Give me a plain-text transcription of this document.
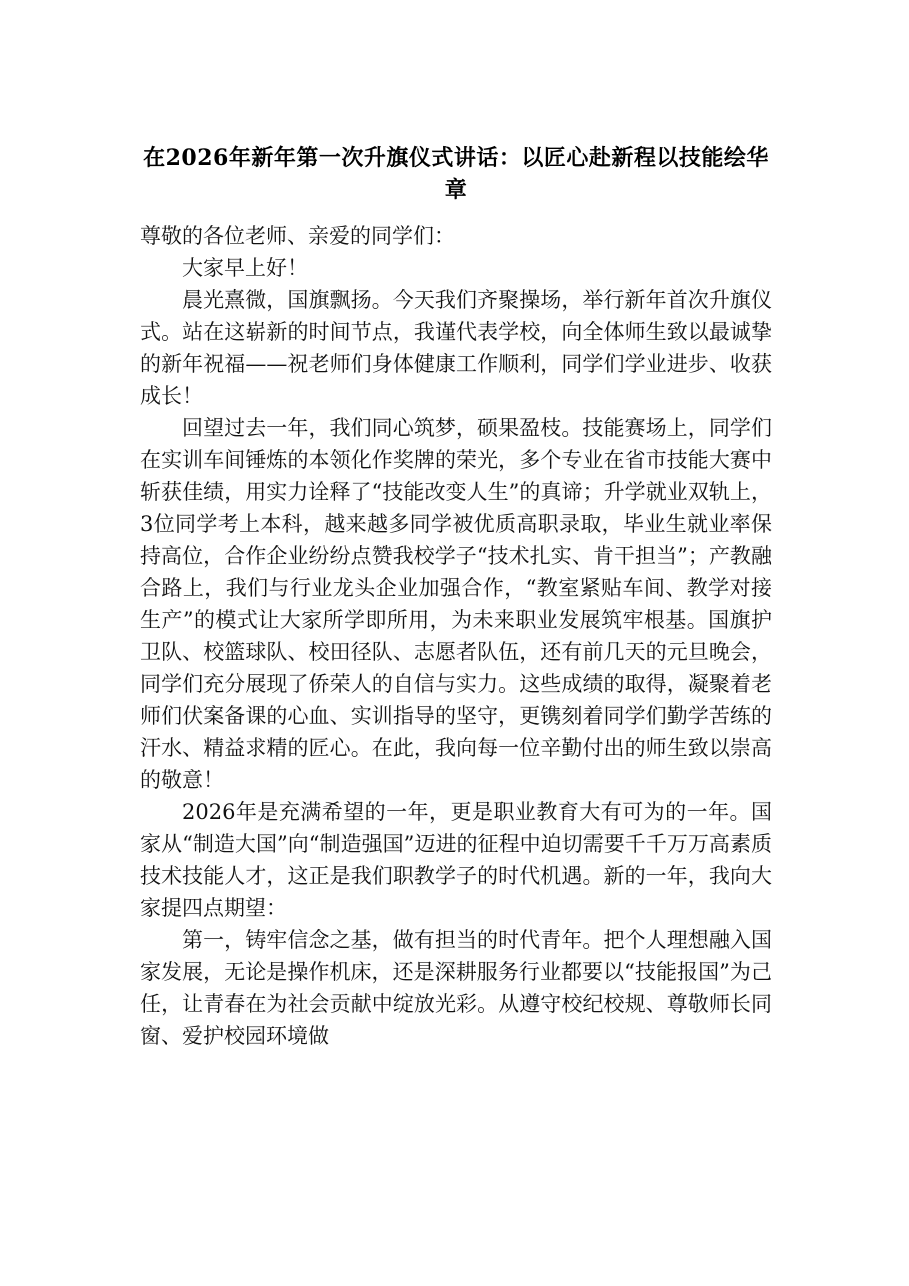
在2026年新年第一次升旗仪式讲话：以匠心赴新程以技能绘华章

尊敬的各位老师、亲爱的同学们：

大家早上好！

晨光熹微，国旗飘扬。今天我们齐聚操场，举行新年首次升旗仪式。站在这崭新的时间节点，我谨代表学校，向全体师生致以最诚挚的新年祝福——祝老师们身体健康工作顺利，同学们学业进步、收获成长！

回望过去一年，我们同心筑梦，硕果盈枝。技能赛场上，同学们在实训车间锤炼的本领化作奖牌的荣光，多个专业在省市技能大赛中斩获佳绩，用实力诠释了“技能改变人生”的真谛；升学就业双轨上，3位同学考上本科，越来越多同学被优质高职录取，毕业生就业率保持高位，合作企业纷纷点赞我校学子“技术扎实、肯干担当”；产教融合路上，我们与行业龙头企业加强合作，“教室紧贴车间、教学对接生产”的模式让大家所学即所用，为未来职业发展筑牢根基。国旗护卫队、校篮球队、校田径队、志愿者队伍，还有前几天的元旦晚会，同学们充分展现了侨荣人的自信与实力。这些成绩的取得，凝聚着老师们伏案备课的心血、实训指导的坚守，更镌刻着同学们勤学苦练的汗水、精益求精的匠心。在此，我向每一位辛勤付出的师生致以崇高的敬意！

2026年是充满希望的一年，更是职业教育大有可为的一年。国家从“制造大国”向“制造强国”迈进的征程中迫切需要千千万万高素质技术技能人才，这正是我们职教学子的时代机遇。新的一年，我向大家提四点期望：

第一，铸牢信念之基，做有担当的时代青年。把个人理想融入国家发展，无论是操作机床，还是深耕服务行业都要以“技能报国”为己任，让青春在为社会贡献中绽放光彩。从遵守校纪校规、尊敬师长同窗、爱护校园环境做
